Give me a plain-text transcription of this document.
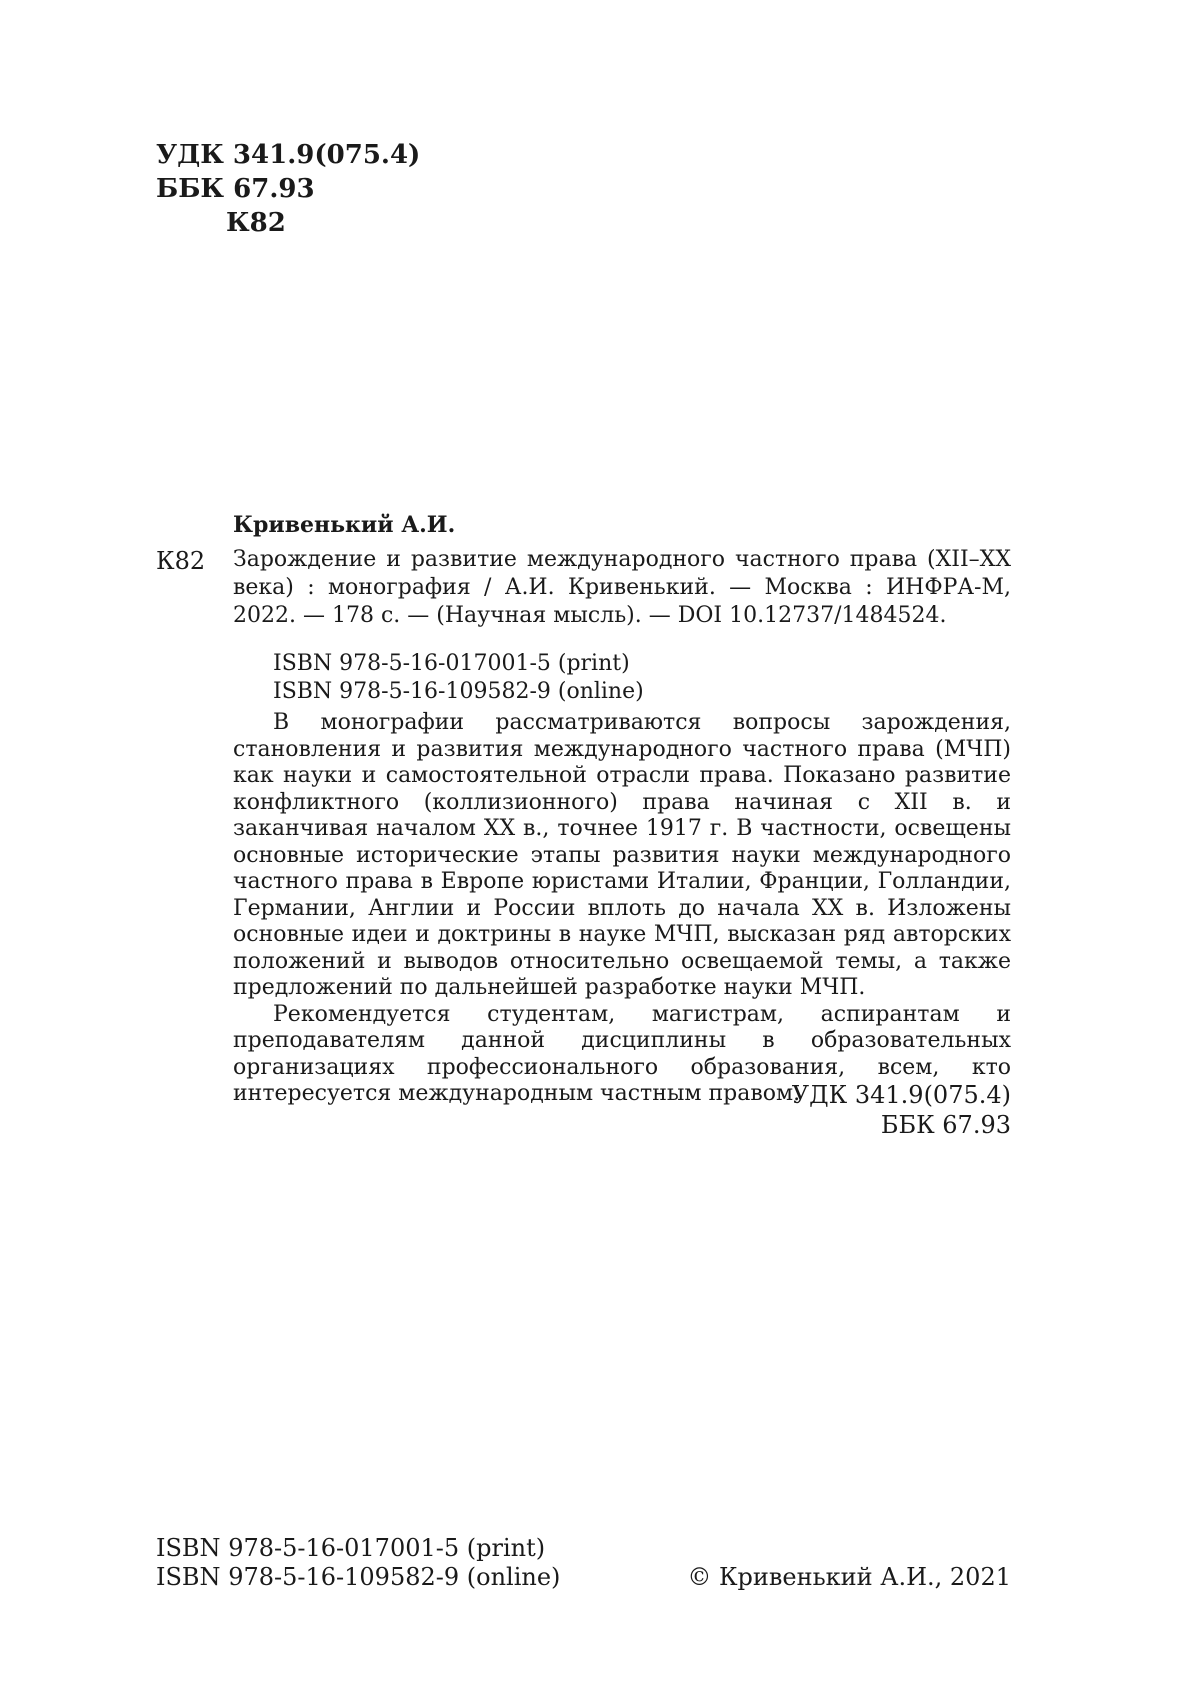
УДК 341.9(075.4)
ББК 67.93
К82
Кривенький А.И.
К82 Зарождение и развитие международного частного права (XII–XX века) : монография / А.И. Кривенький. — Москва : ИНФРА-М, 2022. — 178 с. — (Научная мысль). — DOI 10.12737/1484524.
ISBN 978-5-16-017001-5 (print)
ISBN 978-5-16-109582-9 (online)

В монографии рассматриваются вопросы зарождения, становления и развития международного частного права (МЧП) как науки и самостоятельной отрасли права. Показано развитие конфликтного (коллизионного) права начиная с XII в. и заканчивая началом XX в., точнее 1917 г. В частности, освещены основные исторические этапы развития науки международного частного права в Европе юристами Италии, Франции, Голландии, Германии, Англии и России вплоть до начала XX в. Изложены основные идеи и доктрины в науке МЧП, высказан ряд авторских положений и выводов относительно освещаемой темы, а также предложений по дальнейшей разработке науки МЧП.

Рекомендуется студентам, магистрам, аспирантам и преподавателям данной дисциплины в образовательных организациях профессионального образования, всем, кто интересуется международным частным правом.

УДК 341.9(075.4)
ББК 67.93
ISBN 978-5-16-017001-5 (print)
ISBN 978-5-16-109582-9 (online)	© Кривенький А.И., 2021
